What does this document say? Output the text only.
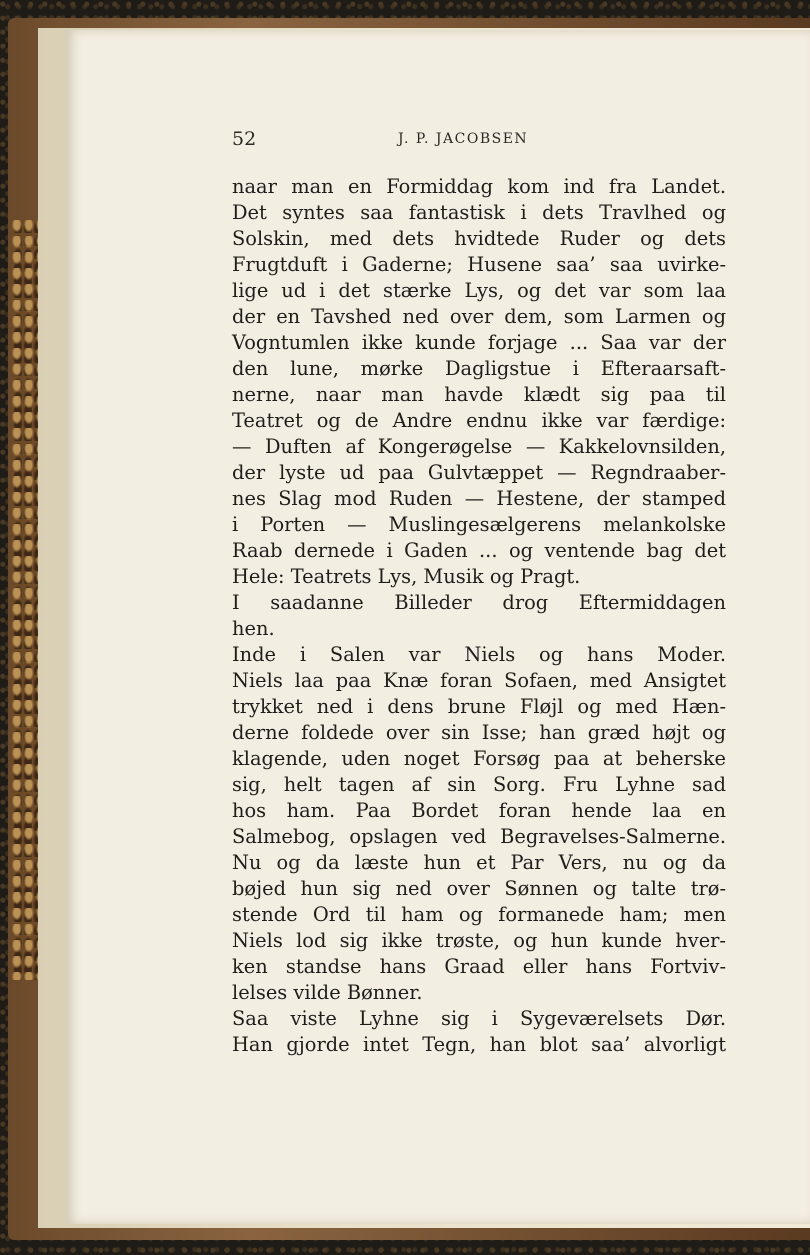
52	J. P. JACOBSEN
naar man en Formiddag kom ind fra Landet.
Det syntes saa fantastisk i dets Travlhed og
Solskin, med dets hvidtede Ruder og dets
Frugtduft i Gaderne; Husene saa’ saa uvirke-
lige ud i det stærke Lys, og det var som laa
der en Tavshed ned over dem, som Larmen og
Vogntumlen ikke kunde forjage ... Saa var der
den lune, mørke Dagligstue i Efteraarsaft-
nerne, naar man havde klædt sig paa til
Teatret og de Andre endnu ikke var færdige:
— Duften af Kongerøgelse — Kakkelovnsilden,
der lyste ud paa Gulvtæppet — Regndraaber-
nes Slag mod Ruden — Hestene, der stamped
i Porten — Muslingesælgerens melankolske
Raab dernede i Gaden ... og ventende bag det
Hele: Teatrets Lys, Musik og Pragt.
I saadanne Billeder drog Eftermiddagen
hen.
Inde i Salen var Niels og hans Moder.
Niels laa paa Knæ foran Sofaen, med Ansigtet
trykket ned i dens brune Fløjl og med Hæn-
derne foldede over sin Isse; han græd højt og
klagende, uden noget Forsøg paa at beherske
sig, helt tagen af sin Sorg. Fru Lyhne sad
hos ham. Paa Bordet foran hende laa en
Salmebog, opslagen ved Begravelses-Salmerne.
Nu og da læste hun et Par Vers, nu og da
bøjed hun sig ned over Sønnen og talte trø-
stende Ord til ham og formanede ham; men
Niels lod sig ikke trøste, og hun kunde hver-
ken standse hans Graad eller hans Fortviv-
lelses vilde Bønner.
Saa viste Lyhne sig i Sygeværelsets Dør.
Han gjorde intet Tegn, han blot saa’ alvorligt
